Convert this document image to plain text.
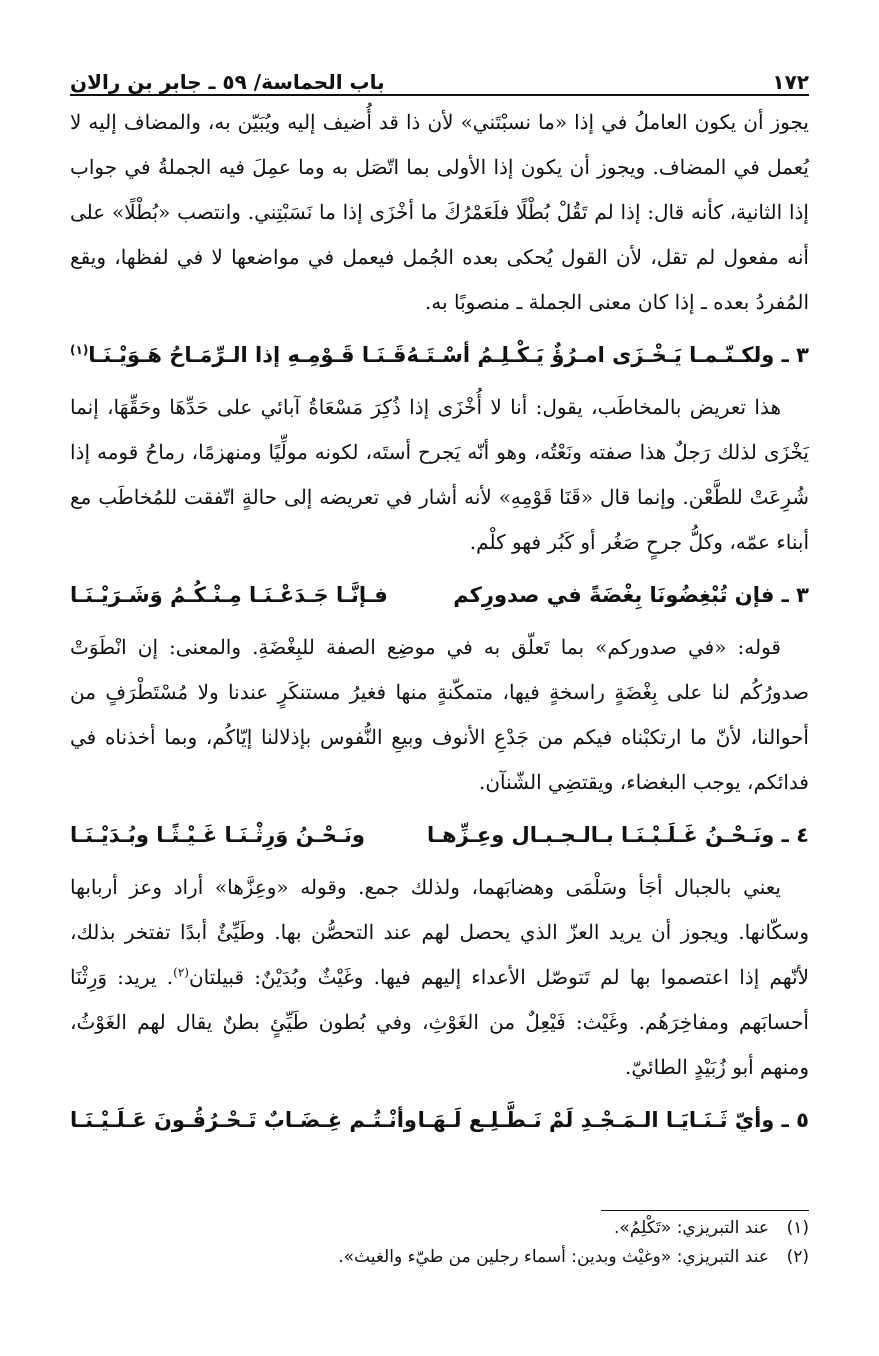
١٧٢
باب الحماسة/ ٥٩ ـ جابر بن رالان

يجوز أن يكون العاملُ في إذا «ما نسبْتَني» لأن ذا قد أُضيف إليه ويُبَيّن به، والمضاف إليه لا يُعمل في المضاف. ويجوز أن يكون إذا الأولى بما اتّصَل به وما عمِلَ فيه الجملةُ في جواب إذا الثانية، كأنه قال: إذا لم تَقُلْ بُطْلًا فلَعَمْرُكَ ما أخْزَى إذا ما نَسَبْتِني. وانتصب «بُطْلًا» على أنه مفعول لم تقل، لأن القول يُحكى بعده الجُمل فيعمل في مواضعها لا في لفظها، ويقع المُفردُ بعده ـ إذا كان معنى الجملة ـ منصوبًا به.

٣ ـ ولكـنّـمـا يَـخْـزَى امـرُؤٌ يَـكْـلِـمُ أسْـتَـهُ
قَـنَـا قَـوْمِـهِ إذا الـرِّمَـاحُ هَـوَيْـنَـا$^{(١)}$

هذا تعريض بالمخاطَب، يقول: أنا لا أُخْزَى إذا ذُكِرَ مَسْعَاةُ آبائي على حَدِّهَا وحَقِّهَا، إنما يَخْزَى لذلك رَجلٌ هذا صفته ونَعْتُه، وهو أنّه يَجرح أستَه، لكونه مولِّيًا ومنهزمًا، رماحُ قومه إذا شُرِعَتْ للطَّعْن. وإنما قال «قَنَا قَوْمِهِ» لأنه أشار في تعريضه إلى حالةٍ اتّفقت للمُخاطَب مع أبناء عمّه، وكلُّ جرحٍ صَغُر أو كَبُر فهو كلْم.

٣ ـ فإن تُبْغِضُونَا بِغْضَةً في صدورِكم
فـإنَّـا جَـدَعْـنَـا مِـنْـكُـمُ وَشَـرَيْـنَـا

قوله: «في صدوركم» بما تَعلّق به في موضِع الصفة للبِغْضَةِ. والمعنى: إن انْطَوَتْ صدورُكُم لنا على بِغْضَةٍ راسخةٍ فيها، متمكّنةٍ منها فغيرُ مستنكَرٍ عندنا ولا مُسْتَطْرَفٍ من أحوالنا، لأنّ ما ارتكبْناه فيكم من جَدْعِ الأنوف وبيعِ النُّفوس بإذلالنا إيّاكُم، وبما أخذناه في فدائكم، يوجب البغضاء، ويقتضِي الشّنآن.

٤ ـ ونَـحْـنُ غَـلَـبْـنَـا بـالـجـبـال وعِـزِّهـا
ونَـحْـنُ وَرِثْـنَـا غَـيْـثًـا وبُـدَيْـنَـا

يعني بالجبال أجَأ وسَلْمَى وهضابَهما، ولذلك جمع. وقوله «وعِزَّها» أراد وعز أربابها وسكّانها. ويجوز أن يريد العزّ الذي يحصل لهم عند التحصُّن بها. وطَيِّئٌ أبدًا تفتخر بذلك، لأنّهم إذا اعتصموا بها لم تَتوصّل الأعداء إليهم فيها. وغَيْثٌ وبُدَيْنٌ: قبيلتان$^{(٢)}$. يريد: وَرِثْنَا أحسابَهم ومفاخِرَهُم. وغَيْث: فَيْعِلٌ من الغَوْثِ، وفي بُطون طَيِّئٍ بطنٌ يقال لهم الغَوْثُ، ومنهم أبو زُبَيْدٍ الطائيّ.

٥ ـ وأيّ ثَـنَـايَـا الـمَـجْـدِ لَمْ نَـطَّـلِـع لَـهَـا
وأنْـتُـم غِـضَـابٌ تَـحْـرُقُـونَ عَـلَـيْـنَـا
(١)
عند التبريزي: «تَكْلِمُ».
(٢)
عند التبريزي: «وغيْث وبدين: أسماء رجلين من طيّء والغيث».
